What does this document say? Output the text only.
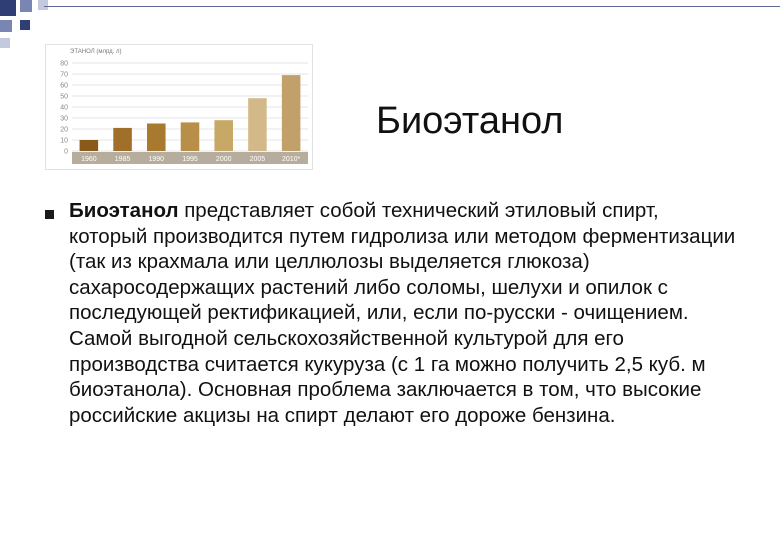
ЭТАНОЛ (млрд. л)
0
10
20
30
40
50
60
70
80
1960	1985	1990	1995	2000	2005 2010*
Биоэтанол
Биоэтанол представляет собой технический этиловый спирт, который производится путем гидролиза или методом ферментизации (так из крахмала или целлюлозы выделяется глюкоза) сахаросодержащих растений либо соломы, шелухи и опилок с последующей ректификацией, или, если по-русски - очищением. Самой выгодной сельскохозяйственной культурой для его производства считается кукуруза (с 1 га можно получить 2,5 куб. м биоэтанола). Основная проблема заключается в том, что высокие российские акцизы на спирт делают его дороже бензина.
